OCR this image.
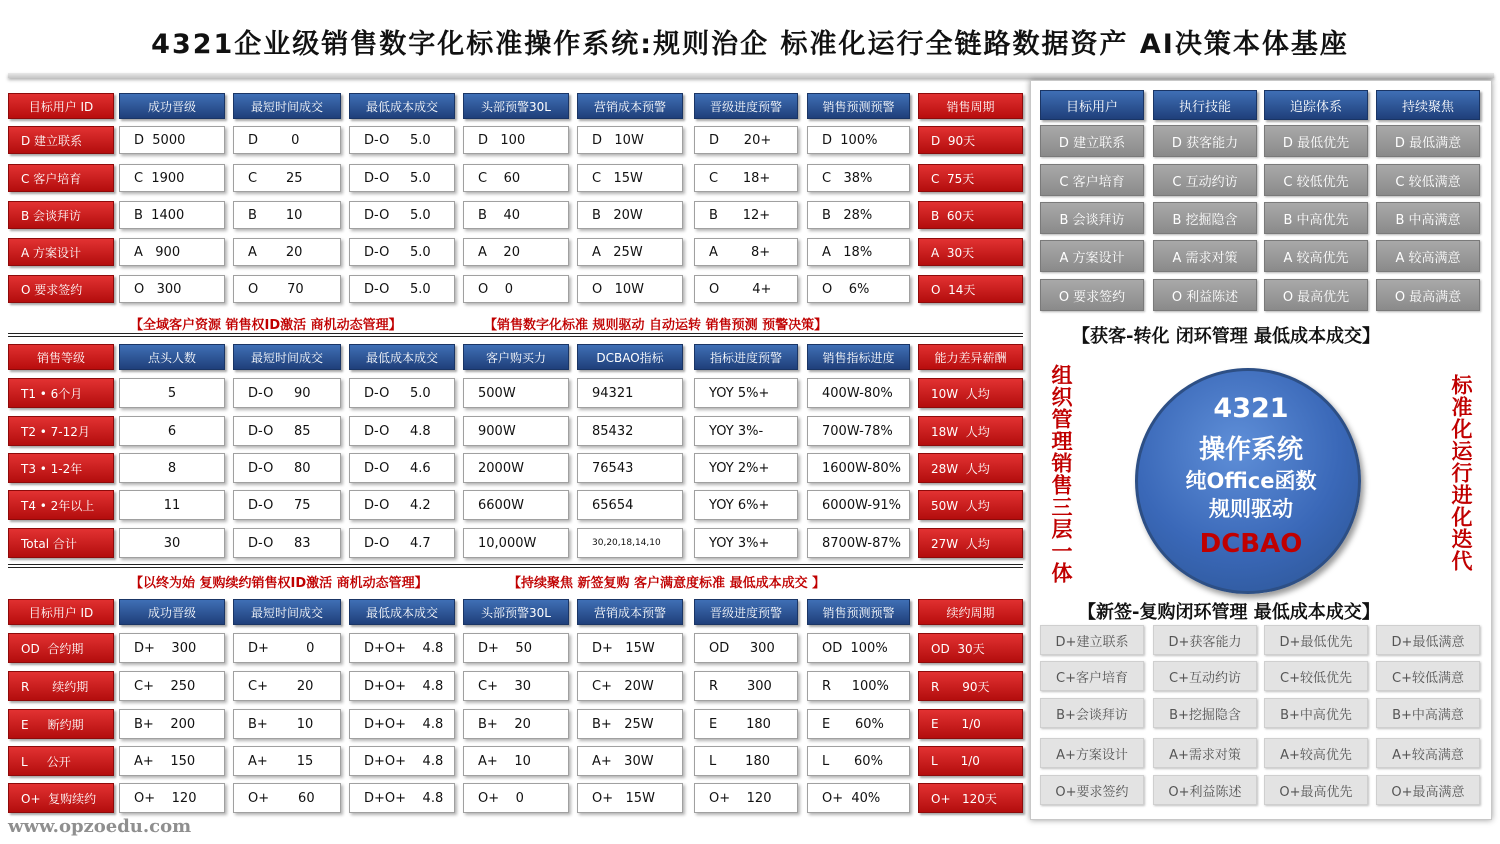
4321企业级销售数字化标准操作系统:规则治企 标准化运行全链路数据资产 AI决策本体基座
目标用户 ID	成功晋级	最短时间成交	最低成本成交	头部预警30L	营销成本预警	晋级进度预警	销售预测预警	销售周期
D 建立联系	D  5000	D        0	D-O     5.0	D   100	D   10W	D      20+	D  100%	D  90天
C 客户培育	C  1900	C       25	D-O     5.0	C    60	C   15W	C      18+	C   38%	C  75天
B 会谈拜访	B  1400	B       10	D-O     5.0	B    40	B   20W	B      12+	B   28%	B  60天
A 方案设计	A   900	A       20	D-O     5.0	A    20	A   25W	A        8+	A   18%	A  30天
O 要求签约	O   300	O       70	D-O     5.0	O    0	O   10W	O        4+	O    6%	O  14天
销售等级	点头人数	最短时间成交	最低成本成交	客户购买力	DCBAO指标	指标进度预警	销售指标进度	能力差异薪酬
T1 • 6个月	5	D-O     90	D-O     5.0	500W	94321	YOY 5%+	400W-80%	10W  人均
T2 • 7-12月	6	D-O     85	D-O     4.8	900W	85432	YOY 3%-	700W-78%	18W  人均
T3 • 1-2年	8	D-O     80	D-O     4.6	2000W	76543	YOY 2%+	1600W-80%	28W  人均
T4 • 2年以上	11	D-O     75	D-O     4.2	6600W	65654	YOY 6%+	6000W-91%	50W  人均
Total 合计	30	D-O     83	D-O     4.7	10,000W	30,20,18,14,10	YOY 3%+	8700W-87%	27W  人均
目标用户 ID	成功晋级	最短时间成交	最低成本成交	头部预警30L	营销成本预警	晋级进度预警	销售预测预警	续约周期
OD  合约期	D+    300	D+         0	D+O+    4.8	D+    50	D+   15W	OD     300	OD  100%	OD  30天
R      续约期	C+    250	C+       20	D+O+    4.8	C+    30	C+   20W	R       300	R     100%	R      90天
E     断约期	B+    200	B+       10	D+O+    4.8	B+    20	B+   25W	E       180	E      60%	E      1/0
L     公开	A+    150	A+       15	D+O+    4.8	A+    10	A+   30W	L       180	L      60%	L      1/0
O+  复购续约	O+    120	O+       60	D+O+    4.8	O+    0	O+   15W	O+    120	O+  40%	O+   120天
【全域客户资源 销售权ID激活 商机动态管理】	【销售数字化标准 规则驱动 自动运转 销售预测 预警决策】
【以终为始 复购续约销售权ID激活 商机动态管理】	【持续聚焦 新签复购 客户满意度标准 最低成本成交 】
目标用户	执行技能	追踪体系	持续聚焦
D 建立联系	D 获客能力	D 最低优先	D 最低满意
C 客户培育	C 互动约访	C 较低优先	C 较低满意
B 会谈拜访	B 挖掘隐含	B 中高优先	B 中高满意
A 方案设计	A 需求对策	A 较高优先	A 较高满意
O 要求签约	O 利益陈述	O 最高优先	O 最高满意
D+建立联系	D+获客能力	D+最低优先	D+最低满意
C+客户培育	C+互动约访	C+较低优先	C+较低满意
B+会谈拜访	B+挖掘隐含	B+中高优先	B+中高满意
A+方案设计	A+需求对策	A+较高优先	A+较高满意
O+要求签约	O+利益陈述	O+最高优先	O+最高满意
【获客-转化 闭环管理 最低成本成交】
【新签-复购闭环管理 最低成本成交】
组织管理销售三层一体	标准化运行进化迭代
4321
操作系统
纯Office函数
规则驱动
DCBAO
www.opzoedu.com
